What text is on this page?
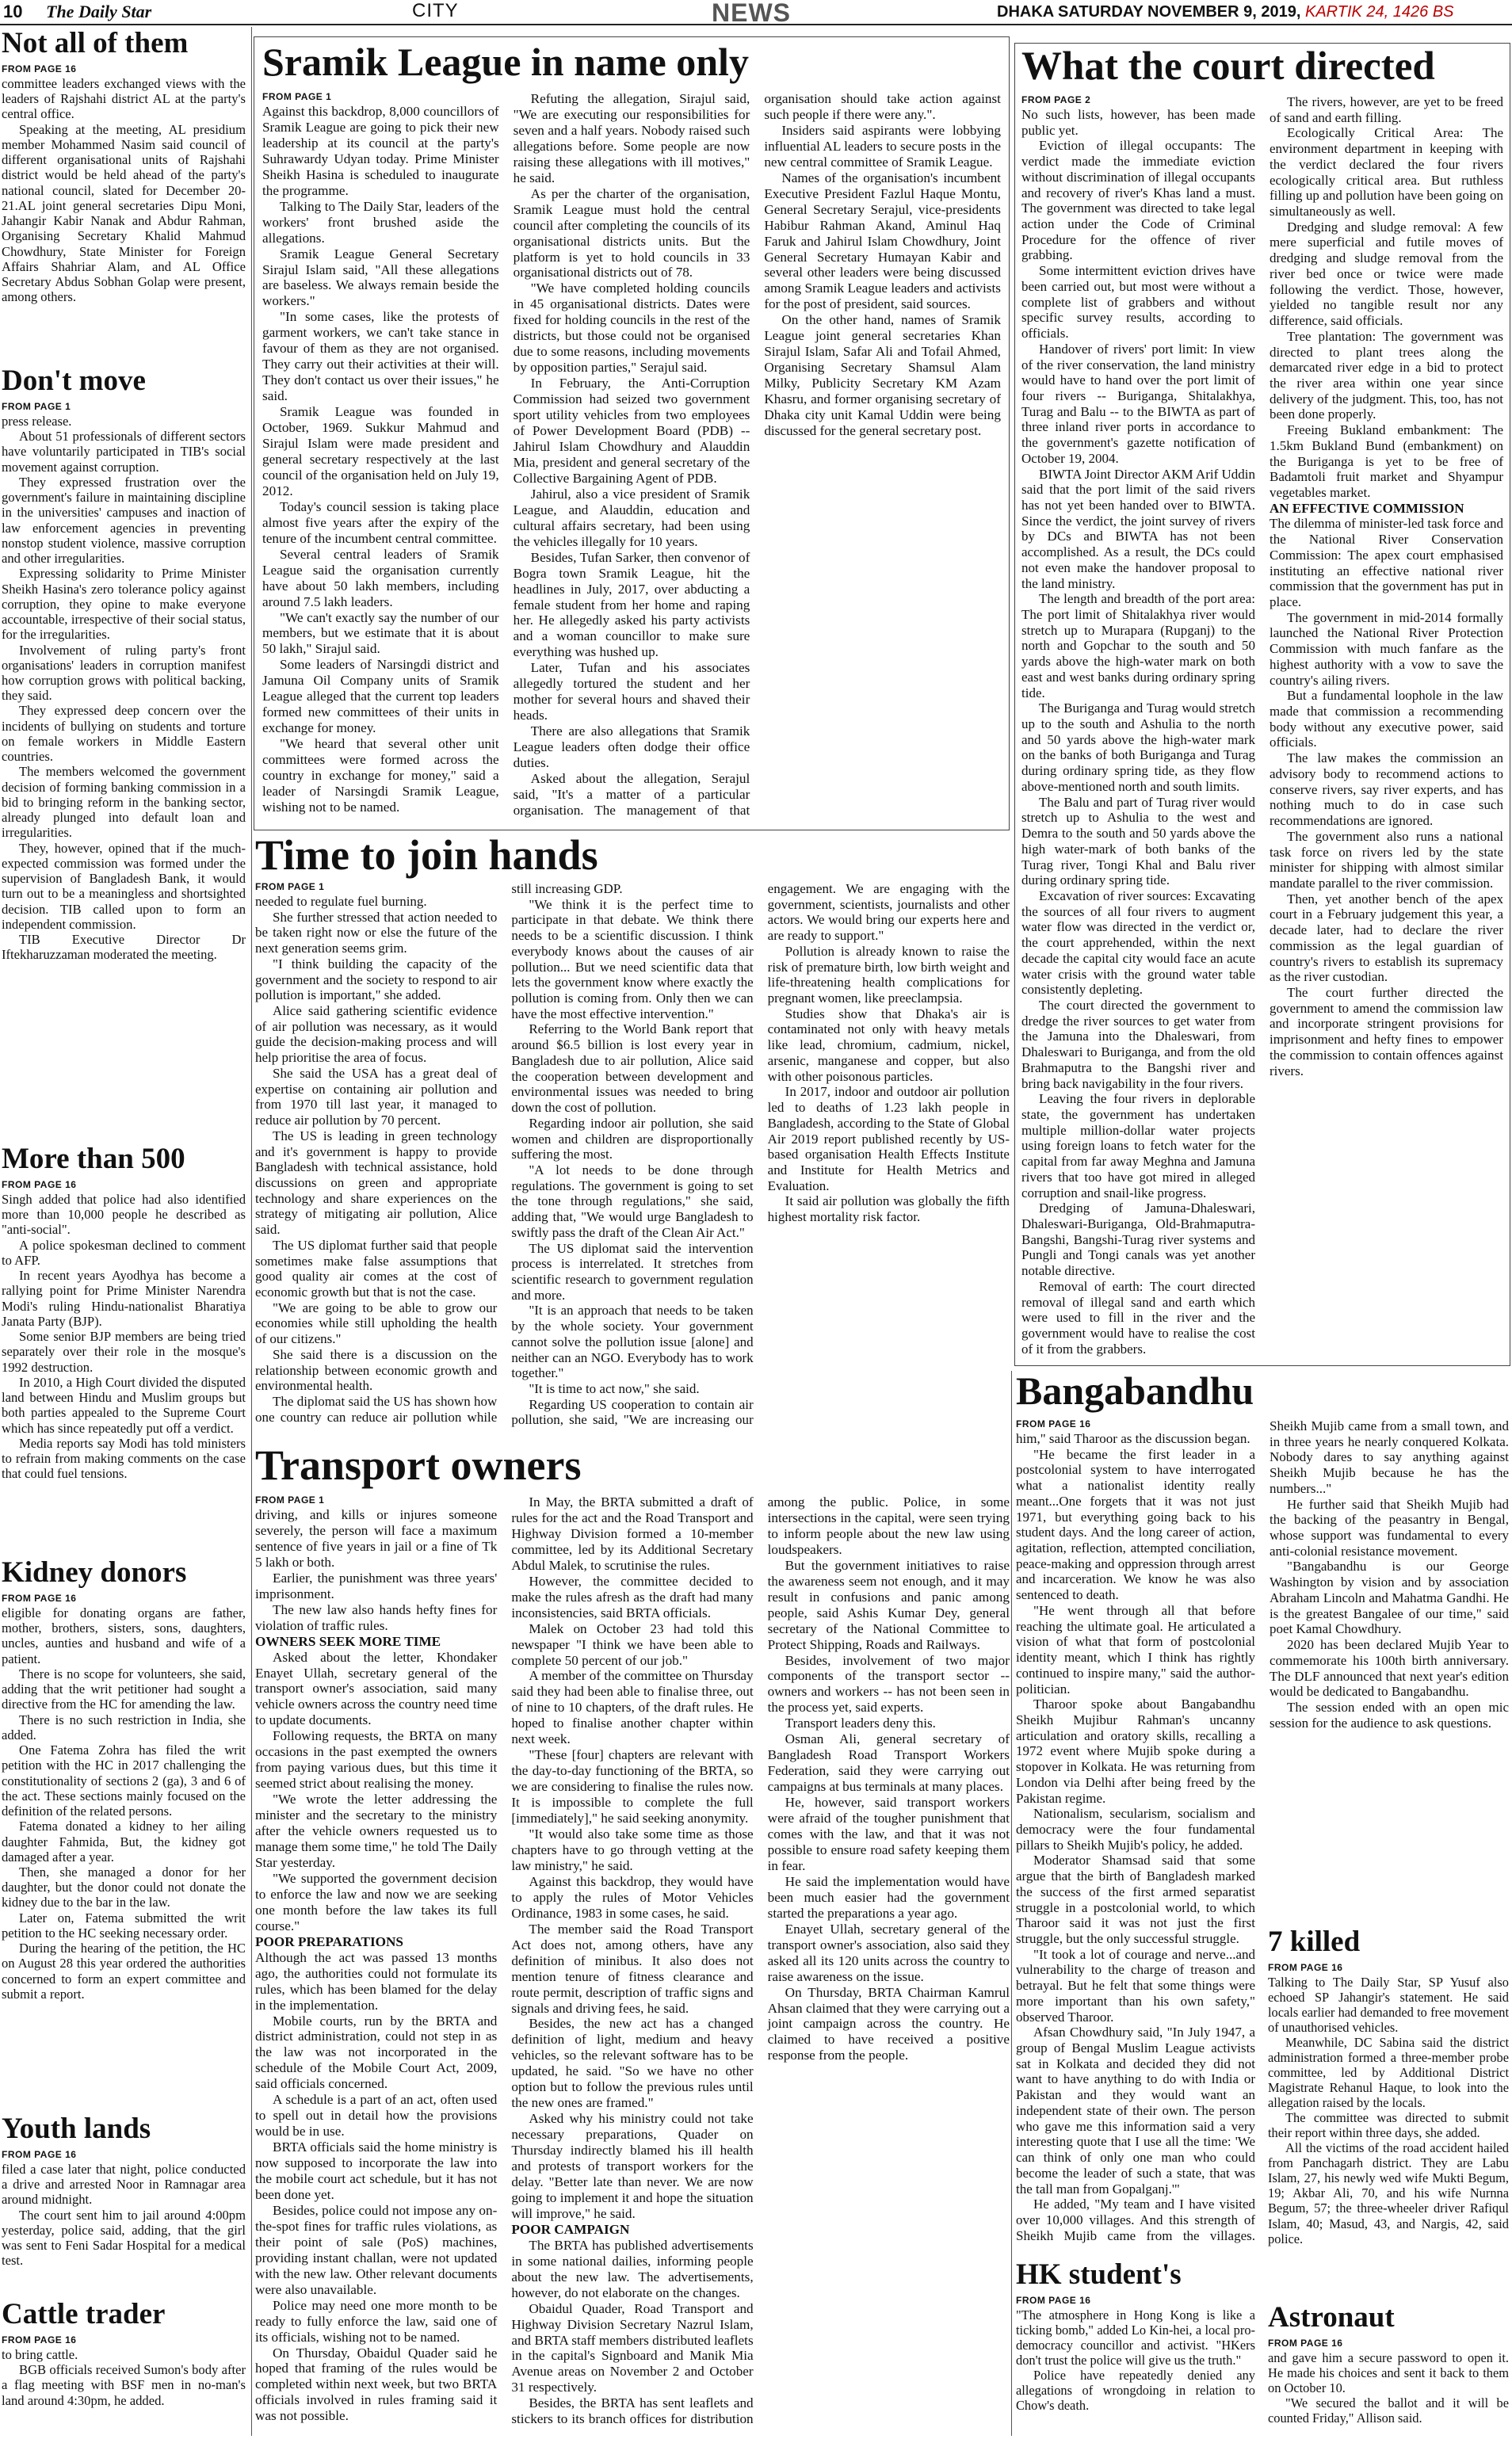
10 The Daily Star	CITY	NEWS	DHAKA SATURDAY NOVEMBER 9, 2019, KARTIK 24, 1426 BS
Not all of them

FROM PAGE 16

committee leaders exchanged views with the leaders of Rajshahi district AL at the party's central office.

Speaking at the meeting, AL presidium member Mohammed Nasim said council of different organisational units of Rajshahi district would be held ahead of the party's national council, slated for December 20-21.AL joint general secretaries Dipu Moni, Jahangir Kabir Nanak and Abdur Rahman, Organising Secretary Khalid Mahmud Chowdhury, State Minister for Foreign Affairs Shahriar Alam, and AL Office Secretary Abdus Sobhan Golap were present, among others.

Don't move

FROM PAGE 1

press release.

About 51 professionals of different sectors have voluntarily participated in TIB's social movement against corruption.

They expressed frustration over the government's failure in maintaining discipline in the universities' campuses and inaction of law enforcement agencies in preventing nonstop student violence, massive corruption and other irregularities.

Expressing solidarity to Prime Minister Sheikh Hasina's zero tolerance policy against corruption, they opine to make everyone accountable, irrespective of their social status, for the irregularities.

Involvement of ruling party's front organisations' leaders in corruption manifest how corruption grows with political backing, they said.

They expressed deep concern over the incidents of bullying on students and torture on female workers in Middle Eastern countries.

The members welcomed the government decision of forming banking commission in a bid to bringing reform in the banking sector, already plunged into default loan and irregularities.

They, however, opined that if the much-expected commission was formed under the supervision of Bangladesh Bank, it would turn out to be a meaningless and shortsighted decision. TIB called upon to form an independent commission.

TIB Executive Director Dr Iftekharuzzaman moderated the meeting.

More than 500

FROM PAGE 16

Singh added that police had also identified more than 10,000 people he described as "anti-social".

A police spokesman declined to comment to AFP.

In recent years Ayodhya has become a rallying point for Prime Minister Narendra Modi's ruling Hindu-nationalist Bharatiya Janata Party (BJP).

Some senior BJP members are being tried separately over their role in the mosque's 1992 destruction.

In 2010, a High Court divided the disputed land between Hindu and Muslim groups but both parties appealed to the Supreme Court which has since repeatedly put off a verdict.

Media reports say Modi has told ministers to refrain from making comments on the case that could fuel tensions.

Kidney donors

FROM PAGE 16

eligible for donating organs are father, mother, brothers, sisters, sons, daughters, uncles, aunties and husband and wife of a patient.

There is no scope for volunteers, she said, adding that the writ petitioner had sought a directive from the HC for amending the law.

There is no such restriction in India, she added.

One Fatema Zohra has filed the writ petition with the HC in 2017 challenging the constitutionality of sections 2 (ga), 3 and 6 of the act. These sections mainly focused on the definition of the related persons.

Fatema donated a kidney to her ailing daughter Fahmida, But, the kidney got damaged after a year.

Then, she managed a donor for her daughter, but the donor could not donate the kidney due to the bar in the law.

Later on, Fatema submitted the writ petition to the HC seeking necessary order.

During the hearing of the petition, the HC on August 28 this year ordered the authorities concerned to form an expert committee and submit a report.

Youth lands

FROM PAGE 16

filed a case later that night, police conducted a drive and arrested Noor in Ramnagar area around midnight.

The court sent him to jail around 4:00pm yesterday, police said, adding, that the girl was sent to Feni Sadar Hospital for a medical test.

Cattle trader

FROM PAGE 16

to bring cattle.

BGB officials received Sumon's body after a flag meeting with BSF men in no-man's land around 4:30pm, he added.

Sramik League in name only

FROM PAGE 1

Against this backdrop, 8,000 councillors of Sramik League are going to pick their new leadership at its council at the party's Suhrawardy Udyan today. Prime Minister Sheikh Hasina is scheduled to inaugurate the programme.

Talking to The Daily Star, leaders of the workers' front brushed aside the allegations.

Sramik League General Secretary Sirajul Islam said, "All these allegations are baseless. We always remain beside the workers."

"In some cases, like the protests of garment workers, we can't take stance in favour of them as they are not organised. They carry out their activities at their will. They don't contact us over their issues," he said.

Sramik League was founded in October, 1969. Sukkur Mahmud and Sirajul Islam were made president and general secretary respectively at the last council of the organisation held on July 19, 2012.

Today's council session is taking place almost five years after the expiry of the tenure of the incumbent central committee.

Several central leaders of Sramik League said the organisation currently have about 50 lakh members, including around 7.5 lakh leaders.

"We can't exactly say the number of our members, but we estimate that it is about 50 lakh," Sirajul said.

Some leaders of Narsingdi district and Jamuna Oil Company units of Sramik League alleged that the current top leaders formed new committees of their units in exchange for money.

"We heard that several other unit committees were formed across the country in exchange for money," said a leader of Narsingdi Sramik League, wishing not to be named.

Refuting the allegation, Sirajul said, "We are executing our responsibilities for seven and a half years. Nobody raised such allegations before. Some people are now raising these allegations with ill motives," he said.

As per the charter of the organisation, Sramik League must hold the central council after completing the councils of its organisational districts units. But the platform is yet to hold councils in 33 organisational districts out of 78.

"We have completed holding councils in 45 organisational districts. Dates were fixed for holding councils in the rest of the districts, but those could not be organised due to some reasons, including movements by opposition parties," Serajul said.

In February, the Anti-Corruption Commission had seized two government sport utility vehicles from two employees of Power Development Board (PDB) -- Jahirul Islam Chowdhury and Alauddin Mia, president and general secretary of the Collective Bargaining Agent of PDB.

Jahirul, also a vice president of Sramik League, and Alauddin, education and cultural affairs secretary, had been using the vehicles illegally for 10 years.

Besides, Tufan Sarker, then convenor of Bogra town Sramik League, hit the headlines in July, 2017, over abducting a female student from her home and raping her. He allegedly asked his party activists and a woman councillor to make sure everything was hushed up.

Later, Tufan and his associates allegedly tortured the student and her mother for several hours and shaved their heads.

There are also allegations that Sramik League leaders often dodge their office duties.

Asked about the allegation, Serajul said, "It's a matter of a particular organisation. The management of that organisation should take action against such people if there were any.".

Insiders said aspirants were lobbying influential AL leaders to secure posts in the new central committee of Sramik League.

Names of the organisation's incumbent Executive President Fazlul Haque Montu, General Secretary Serajul, vice-presidents Habibur Rahman Akand, Aminul Haq Faruk and Jahirul Islam Chowdhury, Joint General Secretary Humayan Kabir and several other leaders were being discussed among Sramik League leaders and activists for the post of president, said sources.

On the other hand, names of Sramik League joint general secretaries Khan Sirajul Islam, Safar Ali and Tofail Ahmed, Organising Secretary Shamsul Alam Milky, Publicity Secretary KM Azam Khasru, and former organising secretary of Dhaka city unit Kamal Uddin were being discussed for the general secretary post.

Time to join hands

FROM PAGE 1

needed to regulate fuel burning.

She further stressed that action needed to be taken right now or else the future of the next generation seems grim.

"I think building the capacity of the government and the society to respond to air pollution is important," she added.

Alice said gathering scientific evidence of air pollution was necessary, as it would guide the decision-making process and will help prioritise the area of focus.

She said the USA has a great deal of expertise on containing air pollution and from 1970 till last year, it managed to reduce air pollution by 70 percent.

The US is leading in green technology and it's government is happy to provide Bangladesh with technical assistance, hold discussions on green and appropriate technology and share experiences on the strategy of mitigating air pollution, Alice said.

The US diplomat further said that people sometimes make false assumptions that good quality air comes at the cost of economic growth but that is not the case.

"We are going to be able to grow our economies while still upholding the health of our citizens."

She said there is a discussion on the relationship between economic growth and environmental health.

The diplomat said the US has shown how one country can reduce air pollution while still increasing GDP.

"We think it is the perfect time to participate in that debate. We think there needs to be a scientific discussion. I think everybody knows about the causes of air pollution... But we need scientific data that lets the government know where exactly the pollution is coming from. Only then we can have the most effective intervention."

Referring to the World Bank report that around $6.5 billion is lost every year in Bangladesh due to air pollution, Alice said the cooperation between development and environmental issues was needed to bring down the cost of pollution.

Regarding indoor air pollution, she said women and children are disproportionally suffering the most.

"A lot needs to be done through regulations. The government is going to set the tone through regulations," she said, adding that, "We would urge Bangladesh to swiftly pass the draft of the Clean Air Act."

The US diplomat said the intervention process is interrelated. It stretches from scientific research to government regulation and more.

"It is an approach that needs to be taken by the whole society. Your government cannot solve the pollution issue [alone] and neither can an NGO. Everybody has to work together."

"It is time to act now," she said.

Regarding US cooperation to contain air pollution, she said, "We are increasing our engagement. We are engaging with the government, scientists, journalists and other actors. We would bring our experts here and are ready to support."

Pollution is already known to raise the risk of premature birth, low birth weight and life-threatening health complications for pregnant women, like preeclampsia.

Studies show that Dhaka's air is contaminated not only with heavy metals like lead, chromium, cadmium, nickel, arsenic, manganese and copper, but also with other poisonous particles.

In 2017, indoor and outdoor air pollution led to deaths of 1.23 lakh people in Bangladesh, according to the State of Global Air 2019 report published recently by US-based organisation Health Effects Institute and Institute for Health Metrics and Evaluation.

It said air pollution was globally the fifth highest mortality risk factor.

Transport owners

FROM PAGE 1

driving, and kills or injures someone severely, the person will face a maximum sentence of five years in jail or a fine of Tk 5 lakh or both.

Earlier, the punishment was three years' imprisonment.

The new law also hands hefty fines for violation of traffic rules.

OWNERS SEEK MORE TIME

Asked about the letter, Khondaker Enayet Ullah, secretary general of the transport owner's association, said many vehicle owners across the country need time to update documents.

Following requests, the BRTA on many occasions in the past exempted the owners from paying various dues, but this time it seemed strict about realising the money.

"We wrote the letter addressing the minister and the secretary to the ministry after the vehicle owners requested us to manage them some time," he told The Daily Star yesterday.

"We supported the government decision to enforce the law and now we are seeking one month before the law takes its full course."

POOR PREPARATIONS

Although the act was passed 13 months ago, the authorities could not formulate its rules, which has been blamed for the delay in the implementation.

Mobile courts, run by the BRTA and district administration, could not step in as the law was not incorporated in the schedule of the Mobile Court Act, 2009, said officials concerned.

A schedule is a part of an act, often used to spell out in detail how the provisions would be in use.

BRTA officials said the home ministry is now supposed to incorporate the law into the mobile court act schedule, but it has not been done yet.

Besides, police could not impose any on-the-spot fines for traffic rules violations, as their point of sale (PoS) machines, providing instant challan, were not updated with the new law. Other relevant documents were also unavailable.

Police may need one more month to be ready to fully enforce the law, said one of its officials, wishing not to be named.

On Thursday, Obaidul Quader said he hoped that framing of the rules would be completed within next week, but two BRTA officials involved in rules framing said it was not possible.

In May, the BRTA submitted a draft of rules for the act and the Road Transport and Highway Division formed a 10-member committee, led by its Additional Secretary Abdul Malek, to scrutinise the rules.

However, the committee decided to make the rules afresh as the draft had many inconsistencies, said BRTA officials.

Malek on October 23 had told this newspaper "I think we have been able to complete 50 percent of our job."

A member of the committee on Thursday said they had been able to finalise three, out of nine to 10 chapters, of the draft rules. He hoped to finalise another chapter within next week.

"These [four] chapters are relevant with the day-to-day functioning of the BRTA, so we are considering to finalise the rules now. It is impossible to complete the full [immediately]," he said seeking anonymity.

"It would also take some time as those chapters have to go through vetting at the law ministry," he said.

Against this backdrop, they would have to apply the rules of Motor Vehicles Ordinance, 1983 in some cases, he said.

The member said the Road Transport Act does not, among others, have any definition of minibus. It also does not mention tenure of fitness clearance and route permit, description of traffic signs and signals and driving fees, he said.

Besides, the new act has a changed definition of light, medium and heavy vehicles, so the relevant software has to be updated, he said. "So we have no other option but to follow the previous rules until the new ones are framed."

Asked why his ministry could not take necessary preparations, Quader on Thursday indirectly blamed his ill health and protests of transport workers for the delay. "Better late than never. We are now going to implement it and hope the situation will improve," he said.

POOR CAMPAIGN

The BRTA has published advertisements in some national dailies, informing people about the new law. The advertisements, however, do not elaborate on the changes.

Obaidul Quader, Road Transport and Highway Division Secretary Nazrul Islam, and BRTA staff members distributed leaflets in the capital's Signboard and Manik Mia Avenue areas on November 2 and October 31 respectively.

Besides, the BRTA has sent leaflets and stickers to its branch offices for distribution among the public. Police, in some intersections in the capital, were seen trying to inform people about the new law using loudspeakers.

But the government initiatives to raise the awareness seem not enough, and it may result in confusions and panic among people, said Ashis Kumar Dey, general secretary of the National Committee to Protect Shipping, Roads and Railways.

Besides, involvement of two major components of the transport sector -- owners and workers -- has not been seen in the process yet, said experts.

Transport leaders deny this.

Osman Ali, general secretary of Bangladesh Road Transport Workers Federation, said they were carrying out campaigns at bus terminals at many places.

He, however, said transport workers were afraid of the tougher punishment that comes with the law, and that it was not possible to ensure road safety keeping them in fear.

He said the implementation would have been much easier had the government started the preparations a year ago.

Enayet Ullah, secretary general of the transport owner's association, also said they asked all its 120 units across the country to raise awareness on the issue.

On Thursday, BRTA Chairman Kamrul Ahsan claimed that they were carrying out a joint campaign across the country. He claimed to have received a positive response from the people.

What the court directed

FROM PAGE 2

No such lists, however, has been made public yet.

Eviction of illegal occupants: The verdict made the immediate eviction without discrimination of illegal occupants and recovery of river's Khas land a must. The government was directed to take legal action under the Code of Criminal Procedure for the offence of river grabbing.

Some intermittent eviction drives have been carried out, but most were without a complete list of grabbers and without specific survey results, according to officials.

Handover of rivers' port limit: In view of the river conservation, the land ministry would have to hand over the port limit of four rivers -- Buriganga, Shitalakhya, Turag and Balu -- to the BIWTA as part of three inland river ports in accordance to the government's gazette notification of October 19, 2004.

BIWTA Joint Director AKM Arif Uddin said that the port limit of the said rivers has not yet been handed over to BIWTA. Since the verdict, the joint survey of rivers by DCs and BIWTA has not been accomplished. As a result, the DCs could not even make the handover proposal to the land ministry.

The length and breadth of the port area: The port limit of Shitalakhya river would stretch up to Murapara (Rupganj) to the north and Gopchar to the south and 50 yards above the high-water mark on both east and west banks during ordinary spring tide.

The Buriganga and Turag would stretch up to the south and Ashulia to the north and 50 yards above the high-water mark on the banks of both Buriganga and Turag during ordinary spring tide, as they flow above-mentioned north and south limits.

The Balu and part of Turag river would stretch up to Ashulia to the west and Demra to the south and 50 yards above the high water-mark of both banks of the Turag river, Tongi Khal and Balu river during ordinary spring tide.

Excavation of river sources: Excavating the sources of all four rivers to augment water flow was directed in the verdict or, the court apprehended, within the next decade the capital city would face an acute water crisis with the ground water table consistently depleting.

The court directed the government to dredge the river sources to get water from the Jamuna into the Dhaleswari, from Dhaleswari to Buriganga, and from the old Brahmaputra to the Bangshi river and bring back navigability in the four rivers.

Leaving the four rivers in deplorable state, the government has undertaken multiple million-dollar water projects using foreign loans to fetch water for the capital from far away Meghna and Jamuna rivers that too have got mired in alleged corruption and snail-like progress.

Dredging of Jamuna-Dhaleswari, Dhaleswari-Buriganga, Old-Brahmaputra-Bangshi, Bangshi-Turag river systems and Pungli and Tongi canals was yet another notable directive.

Removal of earth: The court directed removal of illegal sand and earth which were used to fill in the river and the government would have to realise the cost of it from the grabbers.

The rivers, however, are yet to be freed of sand and earth filling.

Ecologically Critical Area: The environment department in keeping with the verdict declared the four rivers ecologically critical area. But ruthless filling up and pollution have been going on simultaneously as well.

Dredging and sludge removal: A few mere superficial and futile moves of dredging and sludge removal from the river bed once or twice were made following the verdict. Those, however, yielded no tangible result nor any difference, said officials.

Tree plantation: The government was directed to plant trees along the demarcated river edge in a bid to protect the river area within one year since delivery of the judgment. This, too, has not been done properly.

Freeing Bukland embankment: The 1.5km Bukland Bund (embankment) on the Buriganga is yet to be free of Badamtoli fruit market and Shyampur vegetables market.

AN EFFECTIVE COMMISSION

The dilemma of minister-led task force and the National River Conservation Commission: The apex court emphasised instituting an effective national river commission that the government has put in place.

The government in mid-2014 formally launched the National River Protection Commission with much fanfare as the highest authority with a vow to save the country's ailing rivers.

But a fundamental loophole in the law made that commission a recommending body without any executive power, said officials.

The law makes the commission an advisory body to recommend actions to conserve rivers, say river experts, and has nothing much to do in case such recommendations are ignored.

The government also runs a national task force on rivers led by the state minister for shipping with almost similar mandate parallel to the river commission.

Then, yet another bench of the apex court in a February judgement this year, a decade later, had to declare the river commission as the legal guardian of country's rivers to establish its supremacy as the river custodian.

The court further directed the government to amend the commission law and incorporate stringent provisions for imprisonment and hefty fines to empower the commission to contain offences against rivers.

Bangabandhu

FROM PAGE 16

him," said Tharoor as the discussion began.

"He became the first leader in a postcolonial system to have interrogated what a nationalist identity really meant...One forgets that it was not just 1971, but everything going back to his student days. And the long career of action, agitation, reflection, attempted conciliation, peace-making and oppression through arrest and incarceration. We know he was also sentenced to death.

"He went through all that before reaching the ultimate goal. He articulated a vision of what that form of postcolonial identity meant, which I think has rightly continued to inspire many," said the author-politician.

Tharoor spoke about Bangabandhu Sheikh Mujibur Rahman's uncanny articulation and oratory skills, recalling a 1972 event where Mujib spoke during a stopover in Kolkata. He was returning from London via Delhi after being freed by the Pakistan regime.

Nationalism, secularism, socialism and democracy were the four fundamental pillars to Sheikh Mujib's policy, he added.

Moderator Shamsad said that some argue that the birth of Bangladesh marked the success of the first armed separatist struggle in a postcolonial world, to which Tharoor said it was not just the first struggle, but the only successful struggle.

"It took a lot of courage and nerve...and vulnerability to the charge of treason and betrayal. But he felt that some things were more important than his own safety," observed Tharoor.

Afsan Chowdhury said, "In July 1947, a group of Bengal Muslim League activists sat in Kolkata and decided they did not want to have anything to do with India or Pakistan and they would want an independent state of their own. The person who gave me this information said a very interesting quote that I use all the time: 'We can think of only one man who could become the leader of such a state, that was the tall man from Gopalganj.'"

He added, "My team and I have visited over 10,000 villages. And this strength of Sheikh Mujib came from the villages. Sheikh Mujib came from a small town, and in three years he nearly conquered Kolkata. Nobody dares to say anything against Sheikh Mujib because he has the numbers..."

He further said that Sheikh Mujib had the backing of the peasantry in Bengal, whose support was fundamental to every anti-colonial resistance movement.

"Bangabandhu is our George Washington by vision and by association Abraham Lincoln and Mahatma Gandhi. He is the greatest Bangalee of our time," said poet Kamal Chowdhury.

2020 has been declared Mujib Year to commemorate his 100th birth anniversary. The DLF announced that next year's edition would be dedicated to Bangabandhu.

The session ended with an open mic session for the audience to ask questions.

HK student's

FROM PAGE 16

"The atmosphere in Hong Kong is like a ticking bomb," added Lo Kin-hei, a local pro-democracy councillor and activist. "HKers don't trust the police will give us the truth."

Police have repeatedly denied any allegations of wrongdoing in relation to Chow's death.

7 killed

FROM PAGE 16

Talking to The Daily Star, SP Yusuf also echoed SP Jahangir's statement. He said locals earlier had demanded to free movement of unauthorised vehicles.

Meanwhile, DC Sabina said the district administration formed a three-member probe committee, led by Additional District Magistrate Rehanul Haque, to look into the allegation raised by the locals.

The committee was directed to submit their report within three days, she added.

All the victims of the road accident hailed from Panchagarh district. They are Labu Islam, 27, his newly wed wife Mukti Begum, 19; Akbar Ali, 70, and his wife Nurnna Begum, 57; the three-wheeler driver Rafiqul Islam, 40; Masud, 43, and Nargis, 42, said police.

Astronaut

FROM PAGE 16

and gave him a secure password to open it. He made his choices and sent it back to them on October 10.

"We secured the ballot and it will be counted Friday," Allison said.
